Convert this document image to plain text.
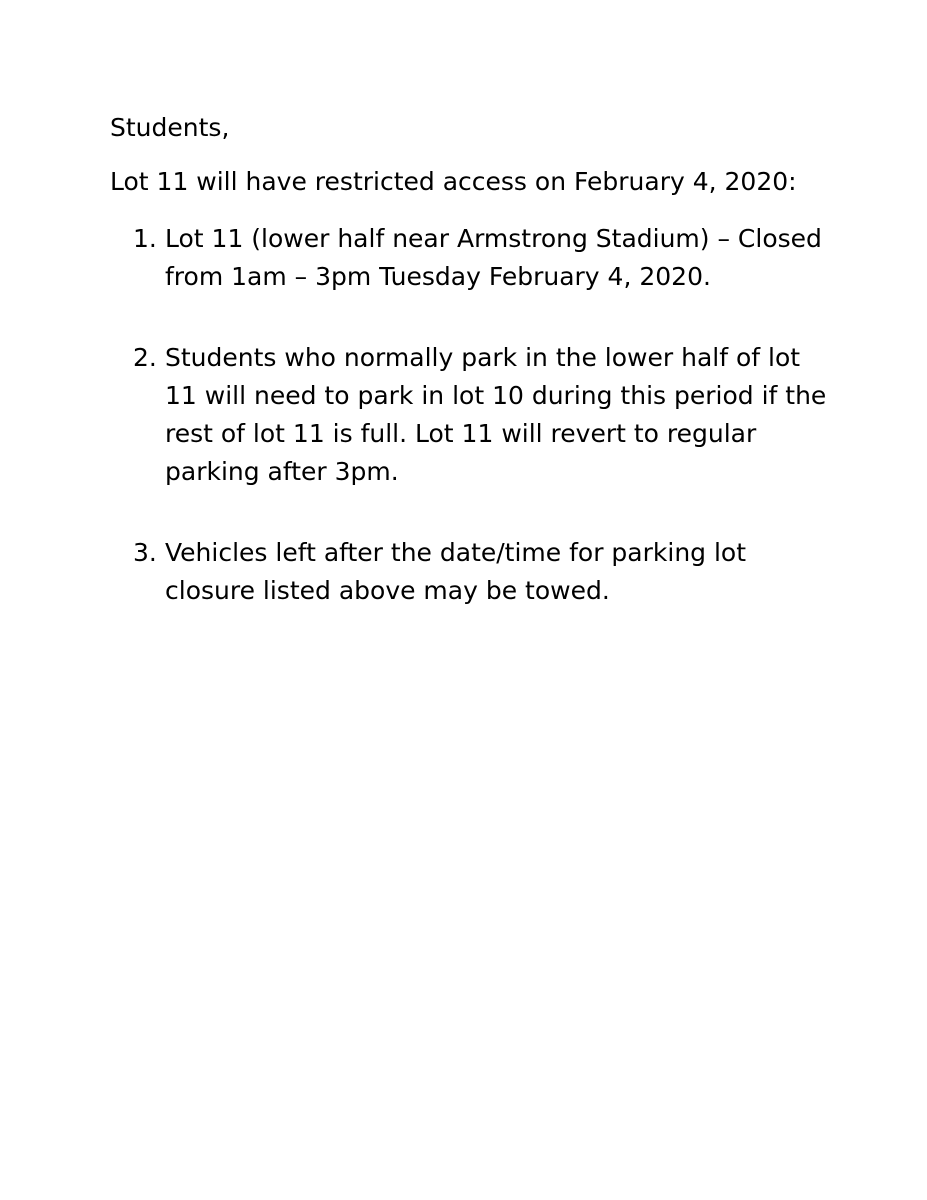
Students,
Lot 11 will have restricted access on February 4, 2020:
1. Lot 11 (lower half near Armstrong Stadium) – Closed from 1am – 3pm Tuesday February 4, 2020.
2. Students who normally park in the lower half of lot 11 will need to park in lot 10 during this period if the rest of lot 11 is full. Lot 11 will revert to regular parking after 3pm.
3. Vehicles left after the date/time for parking lot closure listed above may be towed.
